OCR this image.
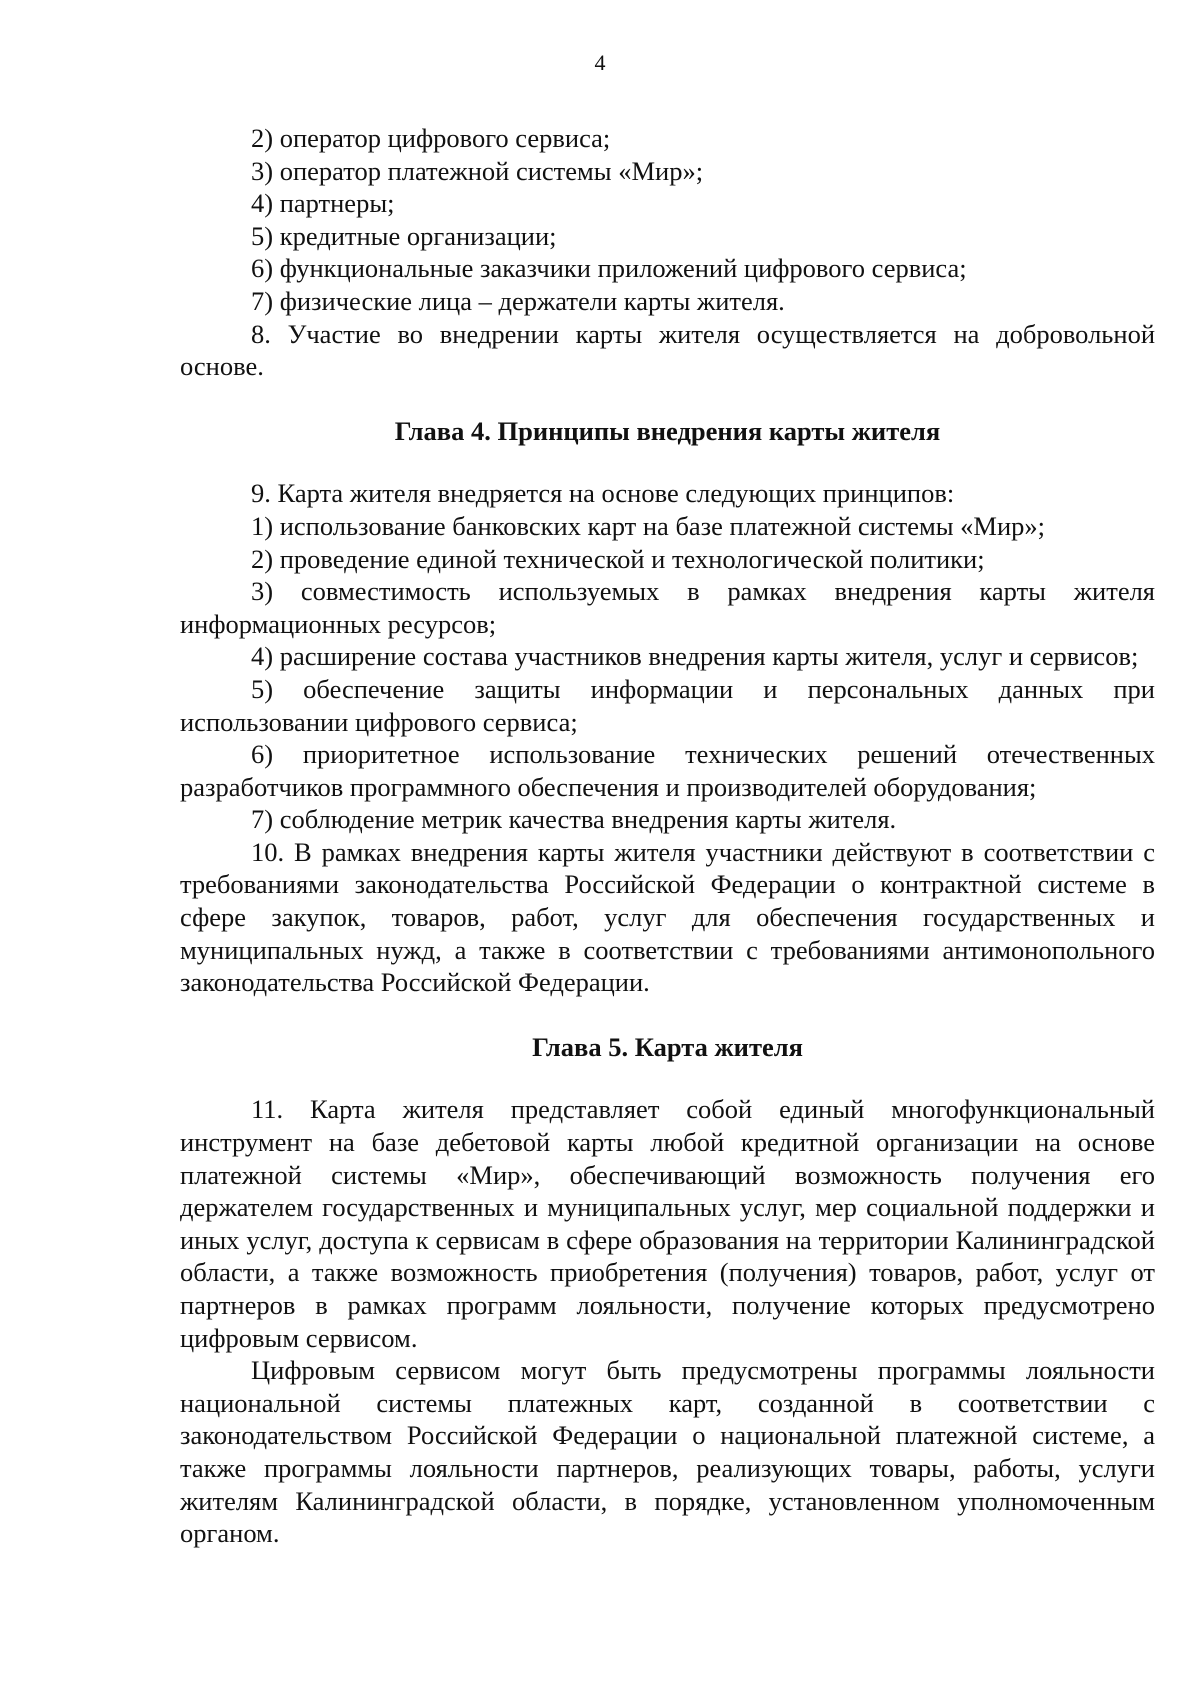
4

2) оператор цифрового сервиса;

3) оператор платежной системы «Мир»;

4) партнеры;

5) кредитные организации;

6) функциональные заказчики приложений цифрового сервиса;

7) физические лица – держатели карты жителя.

8. Участие во внедрении карты жителя осуществляется на добровольной основе.

Глава 4. Принципы внедрения карты жителя

9. Карта жителя внедряется на основе следующих принципов:

1) использование банковских карт на базе платежной системы «Мир»;

2) проведение единой технической и технологической политики;

3) совместимость используемых в рамках внедрения карты жителя информационных ресурсов;

4) расширение состава участников внедрения карты жителя, услуг и сервисов;

5) обеспечение защиты информации и персональных данных при использовании цифрового сервиса;

6) приоритетное использование технических решений отечественных разработчиков программного обеспечения и производителей оборудования;

7) соблюдение метрик качества внедрения карты жителя.

10. В рамках внедрения карты жителя участники действуют в соответствии с требованиями законодательства Российской Федерации о контрактной системе в сфере закупок, товаров, работ, услуг для обеспечения государственных и муниципальных нужд, а также в соответствии с требованиями антимонопольного законодательства Российской Федерации.

Глава 5. Карта жителя

11. Карта жителя представляет собой единый многофункциональный инструмент на базе дебетовой карты любой кредитной организации на основе платежной системы «Мир», обеспечивающий возможность получения его держателем государственных и муниципальных услуг, мер социальной поддержки и иных услуг, доступа к сервисам в сфере образования на территории Калининградской области, а также возможность приобретения (получения) товаров, работ, услуг от партнеров в рамках программ лояльности, получение которых предусмотрено цифровым сервисом.

Цифровым сервисом могут быть предусмотрены программы лояльности национальной системы платежных карт, созданной в соответствии с законодательством Российской Федерации о национальной платежной системе, а также программы лояльности партнеров, реализующих товары, работы, услуги жителям Калининградской области, в порядке, установленном уполномоченным органом.
